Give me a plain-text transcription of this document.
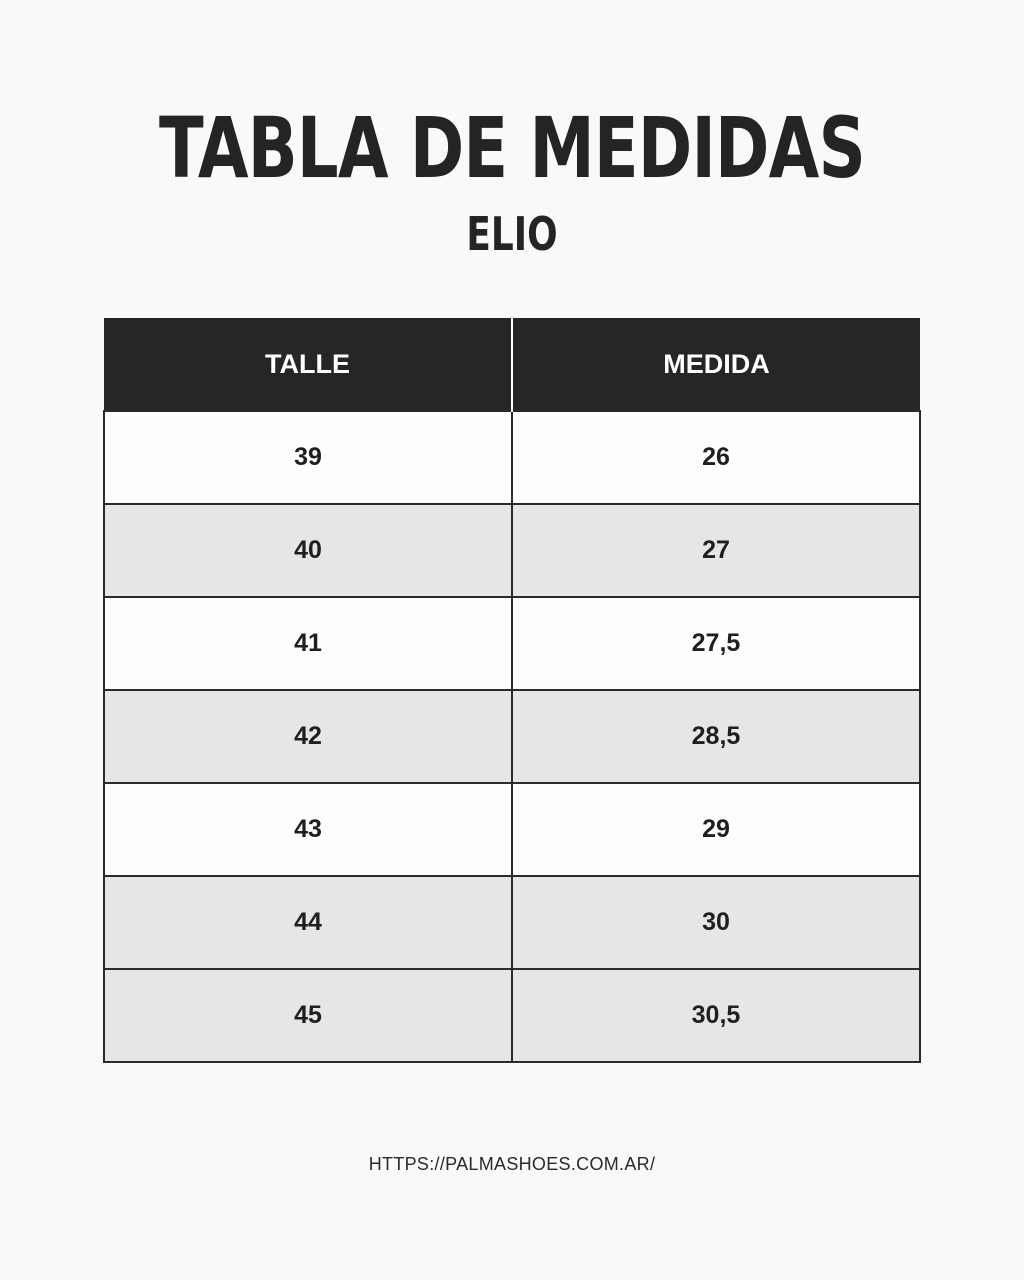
TABLA DE MEDIDAS
ELIO
TALLE	MEDIDA
39	26
40	27
41	27,5
42	28,5
43	29
44	30
45	30,5
HTTPS://PALMASHOES.COM.AR/
